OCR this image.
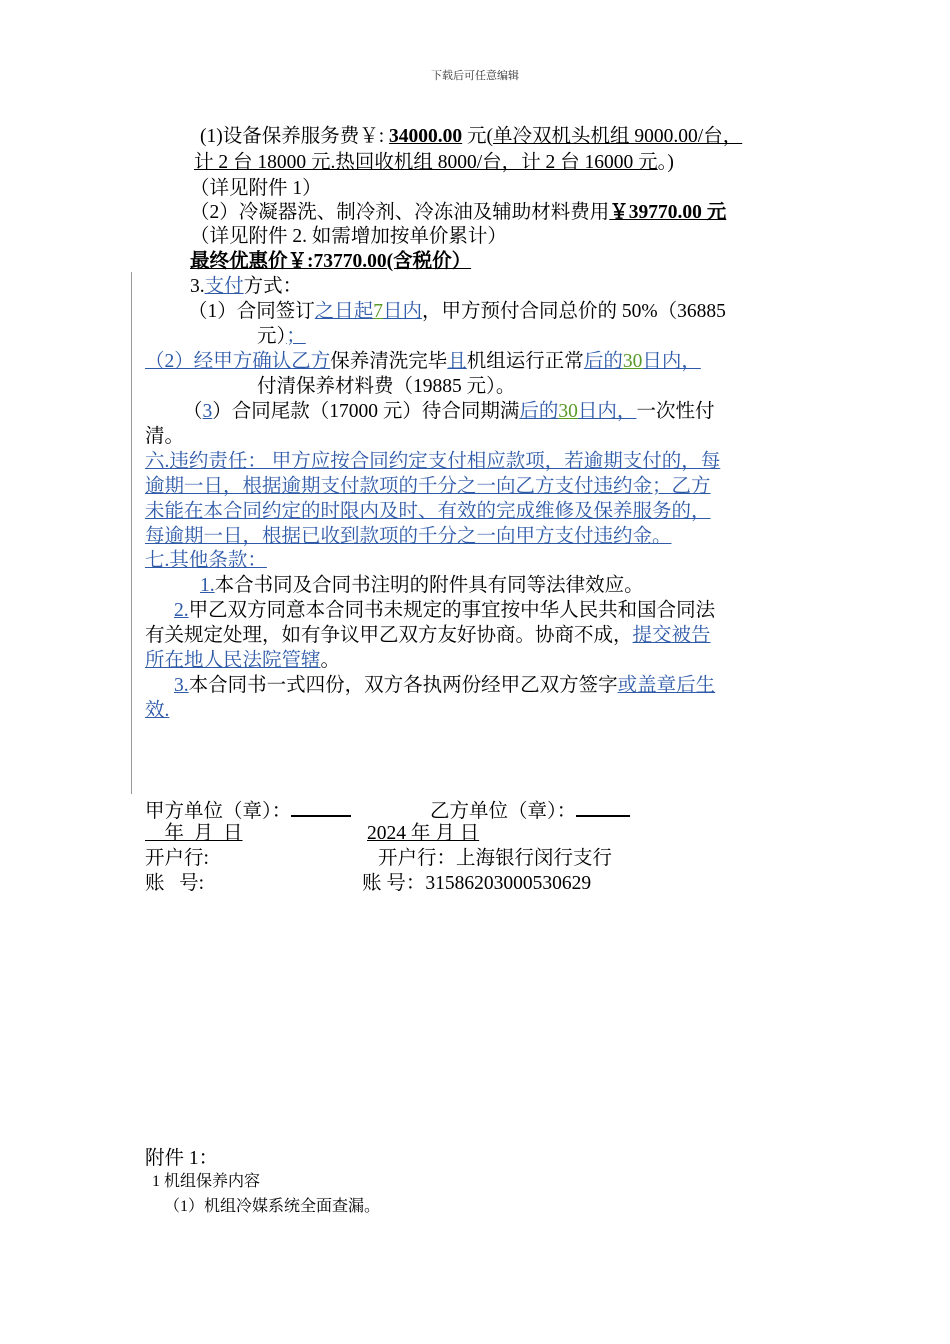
下载后可任意编辑
(1)设备保养服务费￥: 34000.00 元(单冷双机头机组 9000.00/台，
计 2 台 18000 元.热回收机组 8000/台，计 2 台 16000 元。)
（详见附件 1）
（2）冷凝器洗、制冷剂、冷冻油及辅助材料费用￥39770.00 元
（详见附件 2. 如需增加按单价累计）
最终优惠价￥:73770.00(含税价）
3.支付方式：
（1）合同签订之日起7日内，甲方预付合同总价的 50%（36885
元）；
（2）经甲方确认乙方保养清洗完毕且机组运行正常后的30日内，
付清保养材料费（19885 元）。
（3）合同尾款（17000 元）待合同期满后的30日内，一次性付
清。
六.违约责任： 甲方应按合同约定支付相应款项，若逾期支付的，每
逾期一日，根据逾期支付款项的千分之一向乙方支付违约金；乙方
未能在本合同约定的时限内及时、有效的完成维修及保养服务的，
每逾期一日，根据已收到款项的千分之一向甲方支付违约金。
七.其他条款：
1.本合书同及合同书注明的附件具有同等法律效应。
2.甲乙双方同意本合同书未规定的事宜按中华人民共和国合同法
有关规定处理，如有争议甲乙双方友好协商。协商不成，提交被告
所在地人民法院管辖。
3.本合同书一式四份，双方各执两份经甲乙双方签字或盖章后生
效.
甲方单位（章）：	乙方单位（章）：
年  月  日	2024 年 月 日
开户行:	开户行：上海银行闵行支行
账   号:	账 号：31586203000530629
附件 1：
1 机组保养内容
（1）机组冷媒系统全面查漏。
